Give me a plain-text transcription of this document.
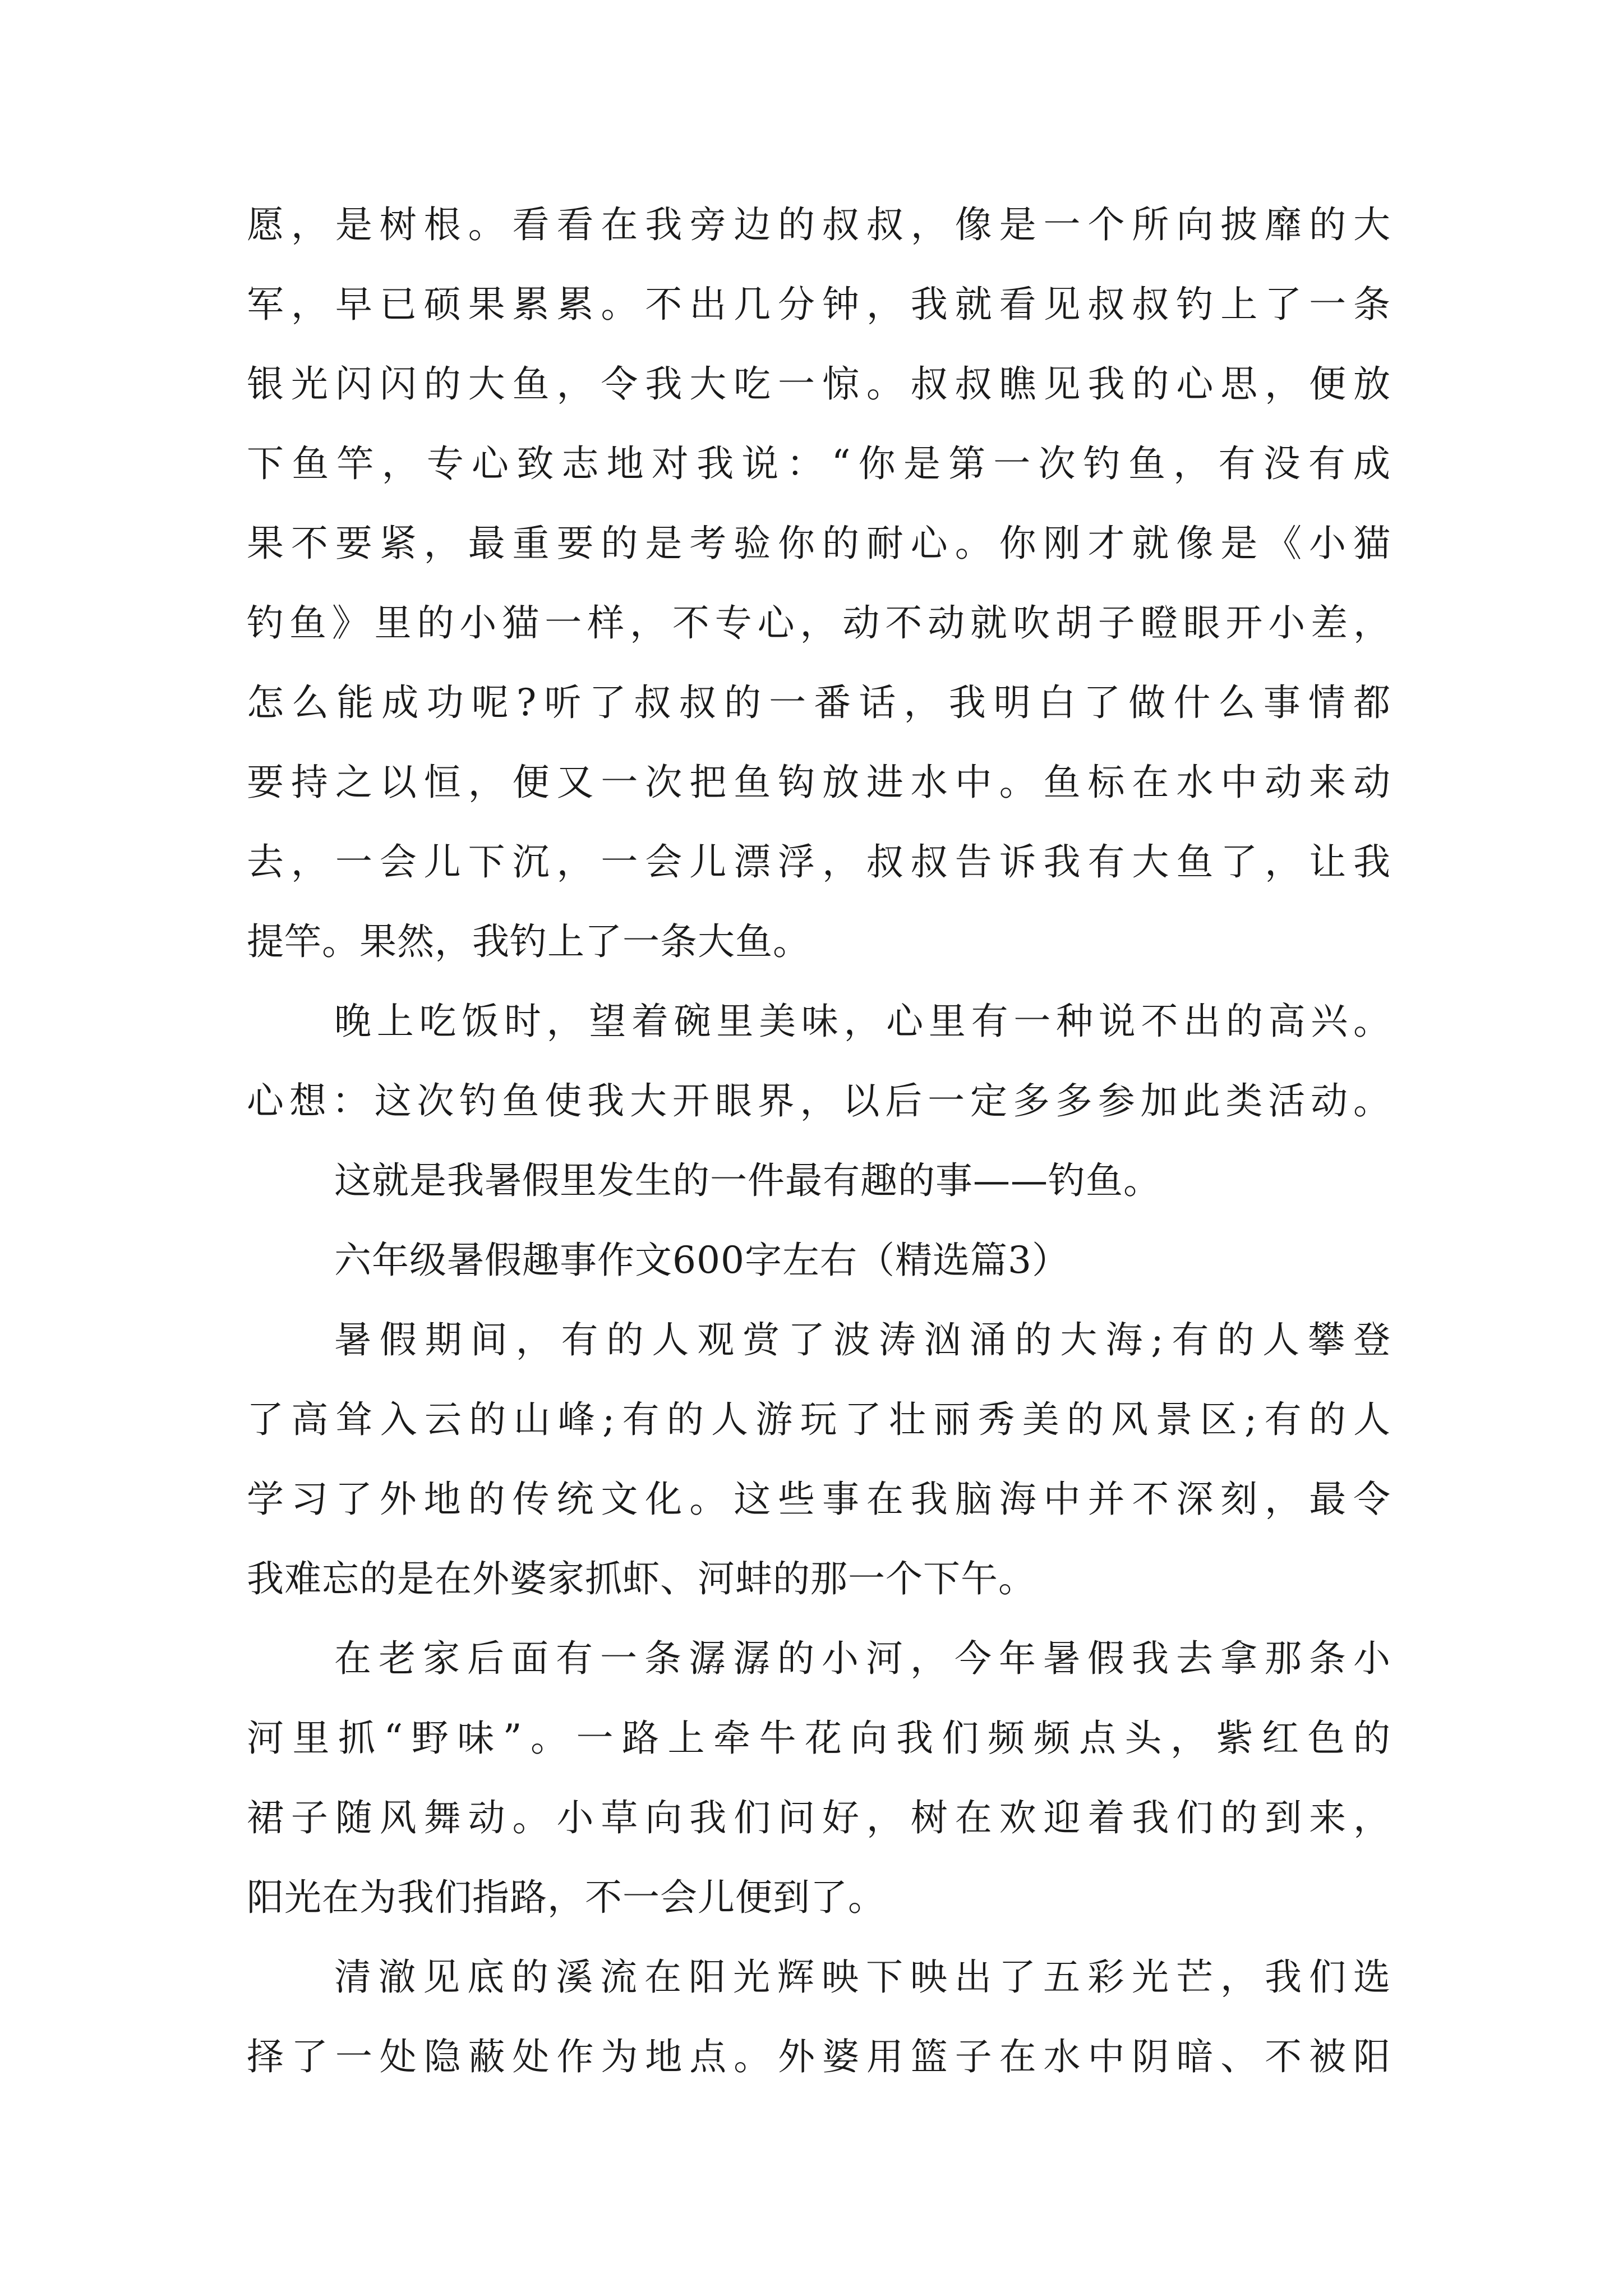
愿，是树根。看看在我旁边的叔叔，像是一个所向披靡的大
军，早已硕果累累。不出几分钟，我就看见叔叔钓上了一条
银光闪闪的大鱼，令我大吃一惊。叔叔瞧见我的心思，便放
下鱼竿，专心致志地对我说：“你是第一次钓鱼，有没有成
果不要紧，最重要的是考验你的耐心。你刚才就像是《小猫
钓鱼》里的小猫一样，不专心，动不动就吹胡子瞪眼开小差，
怎么能成功呢?听了叔叔的一番话，我明白了做什么事情都
要持之以恒，便又一次把鱼钩放进水中。鱼标在水中动来动
去，一会儿下沉，一会儿漂浮，叔叔告诉我有大鱼了，让我
提竿。果然，我钓上了一条大鱼。
晚上吃饭时，望着碗里美味，心里有一种说不出的高兴。
心想：这次钓鱼使我大开眼界，以后一定多多参加此类活动。
这就是我暑假里发生的一件最有趣的事——钓鱼。
六年级暑假趣事作文600字左右（精选篇3）
暑假期间，有的人观赏了波涛汹涌的大海;有的人攀登
了高耸入云的山峰;有的人游玩了壮丽秀美的风景区;有的人
学习了外地的传统文化。这些事在我脑海中并不深刻，最令
我难忘的是在外婆家抓虾、河蚌的那一个下午。
在老家后面有一条潺潺的小河，今年暑假我去拿那条小
河里抓“野味”。一路上牵牛花向我们频频点头，紫红色的
裙子随风舞动。小草向我们问好，树在欢迎着我们的到来，
阳光在为我们指路，不一会儿便到了。
清澈见底的溪流在阳光辉映下映出了五彩光芒，我们选
择了一处隐蔽处作为地点。外婆用篮子在水中阴暗、不被阳
